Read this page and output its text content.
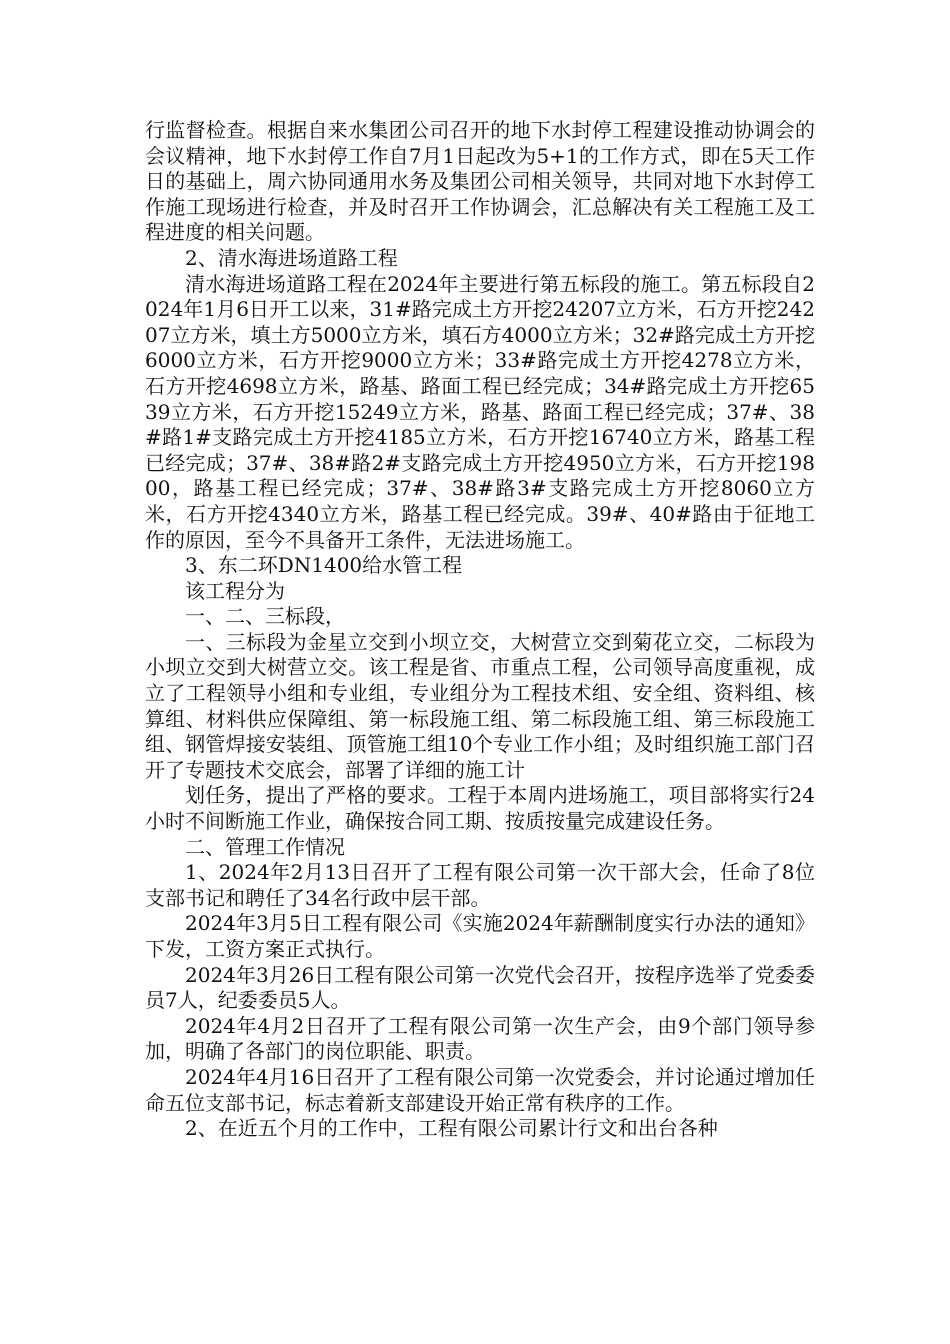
行监督检查。根据自来水集团公司召开的地下水封停工程建设推动协调会的会议精神，地下水封停工作自7月1日起改为5+1的工作方式，即在5天工作日的基础上，周六协同通用水务及集团公司相关领导，共同对地下水封停工作施工现场进行检查，并及时召开工作协调会，汇总解决有关工程施工及工程进度的相关问题。

2、清水海进场道路工程

清水海进场道路工程在2024年主要进行第五标段的施工。第五标段自2024年1月6日开工以来，31#路完成土方开挖24207立方米，石方开挖24207立方米，填土方5000立方米，填石方4000立方米；32#路完成土方开挖6000立方米，石方开挖9000立方米；33#路完成土方开挖4278立方米，石方开挖4698立方米，路基、路面工程已经完成；34#路完成土方开挖6539立方米，石方开挖15249立方米，路基、路面工程已经完成；37#、38#路1#支路完成土方开挖4185立方米，石方开挖16740立方米，路基工程已经完成；37#、38#路2#支路完成土方开挖4950立方米，石方开挖19800，路基工程已经完成；37#、38#路3#支路完成土方开挖8060立方米，石方开挖4340立方米，路基工程已经完成。39#、40#路由于征地工作的原因，至今不具备开工条件，无法进场施工。

3、东二环DN1400给水管工程

该工程分为

一、二、三标段，

一、三标段为金星立交到小坝立交，大树营立交到菊花立交，二标段为小坝立交到大树营立交。该工程是省、市重点工程，公司领导高度重视，成立了工程领导小组和专业组，专业组分为工程技术组、安全组、资料组、核算组、材料供应保障组、第一标段施工组、第二标段施工组、第三标段施工组、钢管焊接安装组、顶管施工组10个专业工作小组；及时组织施工部门召开了专题技术交底会，部署了详细的施工计

划任务，提出了严格的要求。工程于本周内进场施工，项目部将实行24小时不间断施工作业，确保按合同工期、按质按量完成建设任务。

二、管理工作情况

1、2024年2月13日召开了工程有限公司第一次干部大会，任命了8位支部书记和聘任了34名行政中层干部。

2024年3月5日工程有限公司《实施2024年薪酬制度实行办法的通知》下发，工资方案正式执行。

2024年3月26日工程有限公司第一次党代会召开，按程序选举了党委委员7人，纪委委员5人。

2024年4月2日召开了工程有限公司第一次生产会，由9个部门领导参加，明确了各部门的岗位职能、职责。

2024年4月16日召开了工程有限公司第一次党委会，并讨论通过增加任命五位支部书记，标志着新支部建设开始正常有秩序的工作。

2、在近五个月的工作中，工程有限公司累计行文和出台各种
